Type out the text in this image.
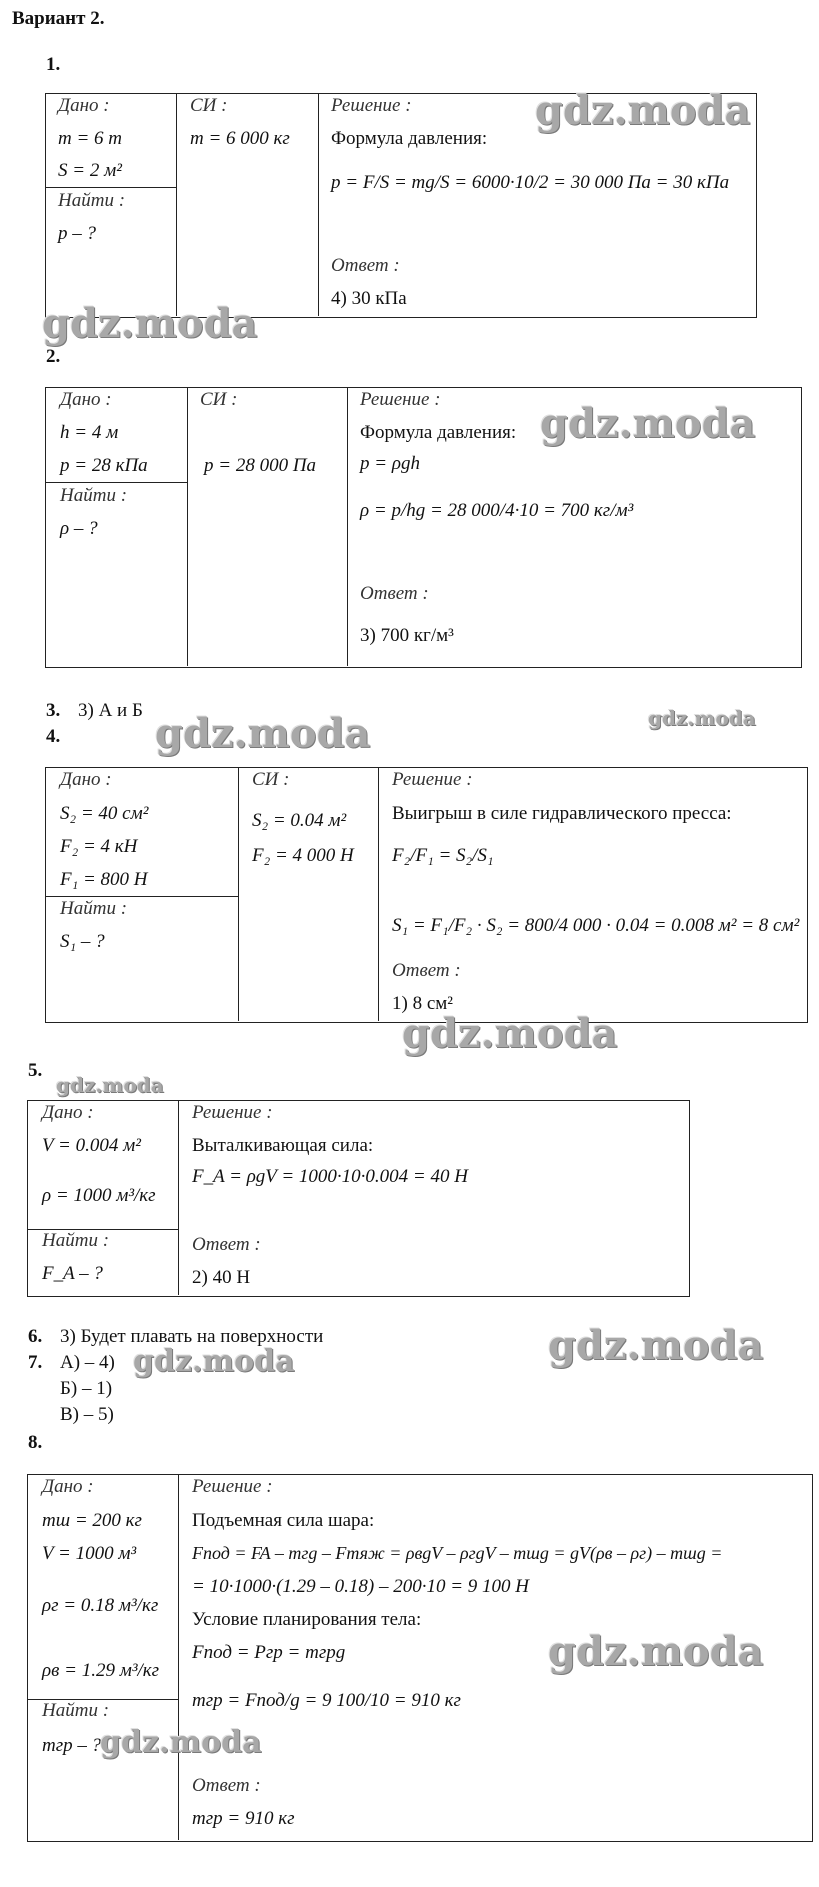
Вариант 2.
1.
Дано :
m = 6 т
S = 2 м²
Найти :
p – ?
СИ :
m = 6 000 кг
Решение :
Формула давления:
p = F/S = mg/S = 6000·10/2 = 30 000 Па = 30 кПа
Ответ :
4) 30 кПа
gdz.moda
gdz.moda
2.
Дано :
h = 4 м
p = 28 кПа
Найти :
ρ – ?
СИ :
p = 28 000 Па
Решение :
Формула давления:
p = ρgh
ρ = p/hg = 28 000/4·10 = 700 кг/м³
Ответ :
3) 700 кг/м³
gdz.moda
3. 3) А и Б
4. gdz.moda	gdz.moda
Дано :
S₂ = 40 см²
F₂ = 4 кН
F₁ = 800 Н
Найти :
S₁ – ?
СИ :
S₂ = 0.04 м²
F₂ = 4 000 Н
Решение :
Выигрыш в силе гидравлического пресса:
F₂/F₁ = S₂/S₁
S₁ = F₁/F₂ · S₂ = 800/4 000 · 0.04 = 0.008 м² = 8 см²
Ответ :
1) 8 см²
gdz.moda
5.
gdz.moda
Дано :
V = 0.004 м²
ρ = 1000 м³/кг
Найти :
F_A – ?
Решение :
Выталкивающая сила:
F_A = ρgV = 1000·10·0.004 = 40 Н
Ответ :
2) 40 Н
6. 3) Будет плавать на поверхности	gdz.moda
7. А) – 4)
Б) – 1)
В) – 5)
gdz.moda
8.
Дано :
mш = 200 кг
V = 1000 м³
ρг = 0.18 м³/кг
ρв = 1.29 м³/кг
Найти :
mгр – ?
gdz.moda
Решение :
Подъемная сила шара:
Fпод = FA – mгg – Fтяж = ρвgV – ρгgV – mшg = gV(ρв – ρг) – mшg =
= 10·1000·(1.29 – 0.18) – 200·10 = 9 100 Н
Условие планирования тела:
Fпод = Pгр = mгрg
mгр = Fпод/g = 9 100/10 = 910 кг
gdz.moda
Ответ :
mгр = 910 кг
